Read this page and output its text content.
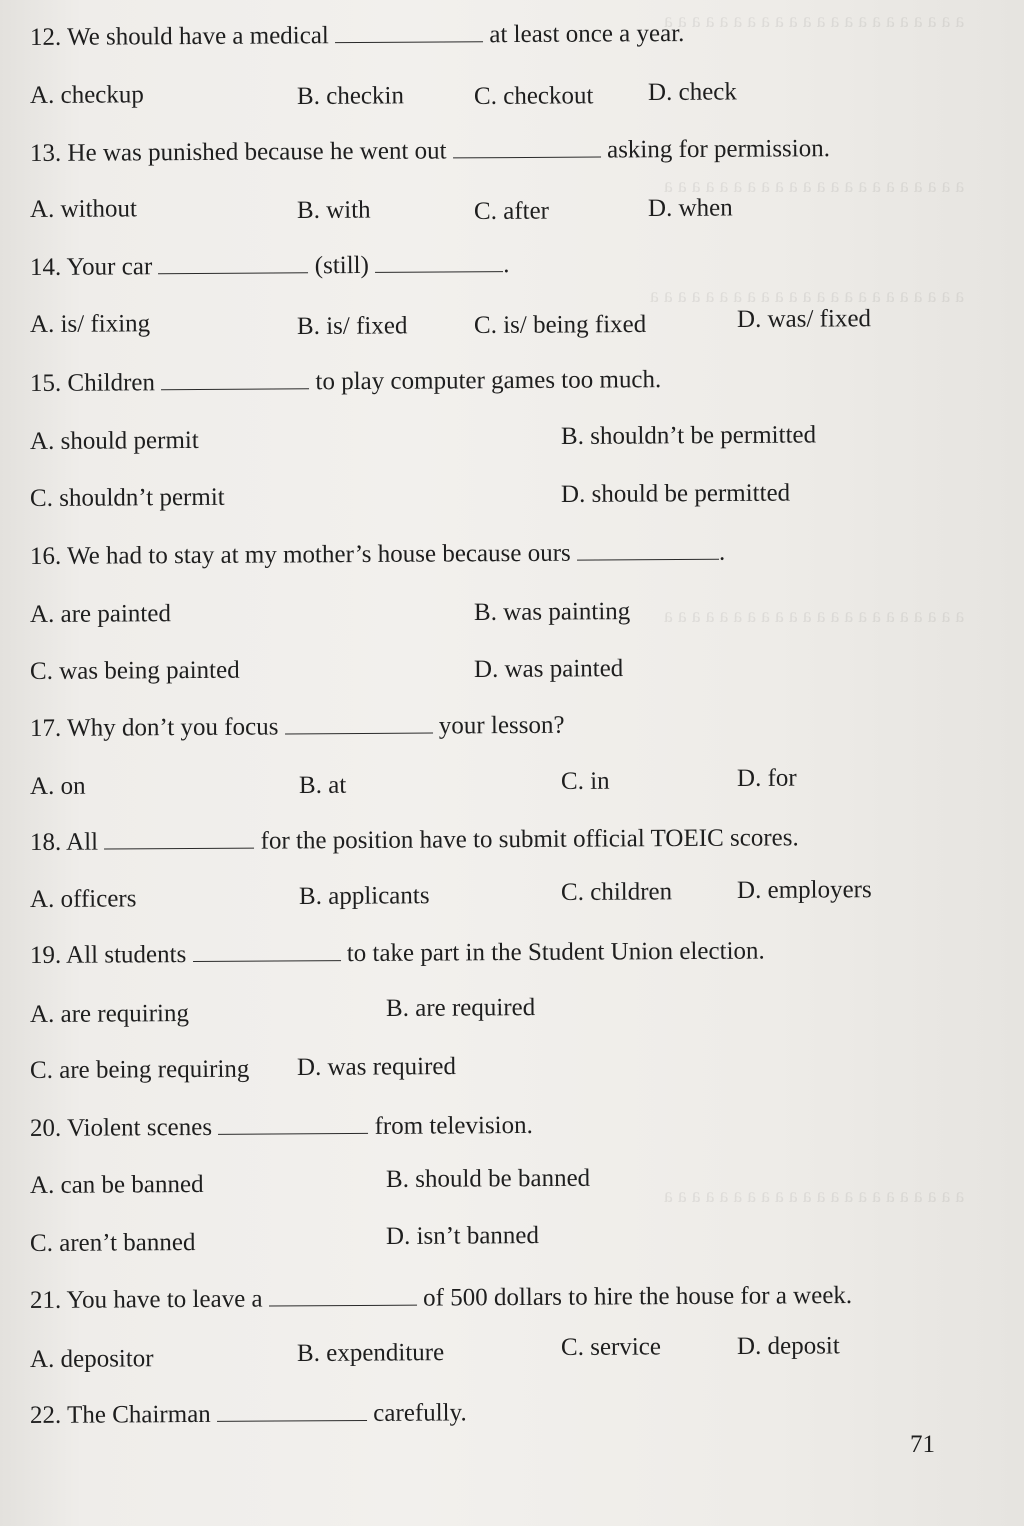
a a a a a a a a a a a a a a a a a a a a a a
a a a a a a a a a a a a a a a a a a a a a a
a a a a a a a a a a a a a a a a a a a a a a a
a a a a a a a a a a a a a a a a a a a a a a
a a a a a a a a a a a a a a a a a a a a a a
12. We should have a medical	at least once a year.
A. checkup	B. checkin	C. checkout D. check
13. He was punished because he went out	asking for permission.
A. without	B. with	C. after	D. when
14. Your car	(still)	.
A. is/ fixing	B. is/ fixed	C. is/ being fixed	D. was/ fixed
15. Children	to play computer games too much.
A. should permit	B. shouldn’t be permitted
C. shouldn’t permit	D. should be permitted
16. We had to stay at my mother’s house because ours	.
A. are painted	B. was painting
C. was being painted	D. was painted
17. Why don’t you focus	your lesson?
A. on	B. at	C. in	D. for
18. All	for the position have to submit official TOEIC scores.
A. officers	B. applicants	C. children	D. employers
19. All students	to take part in the Student Union election.
A. are requiring	B. are required
C. are being requiring D. was required
20. Violent scenes	from television.
A. can be banned	B. should be banned
C. aren’t banned	D. isn’t banned
21. You have to leave a	of 500 dollars to hire the house for a week.
A. depositor	B. expenditure	C. service	D. deposit
22. The Chairman	carefully.
71
